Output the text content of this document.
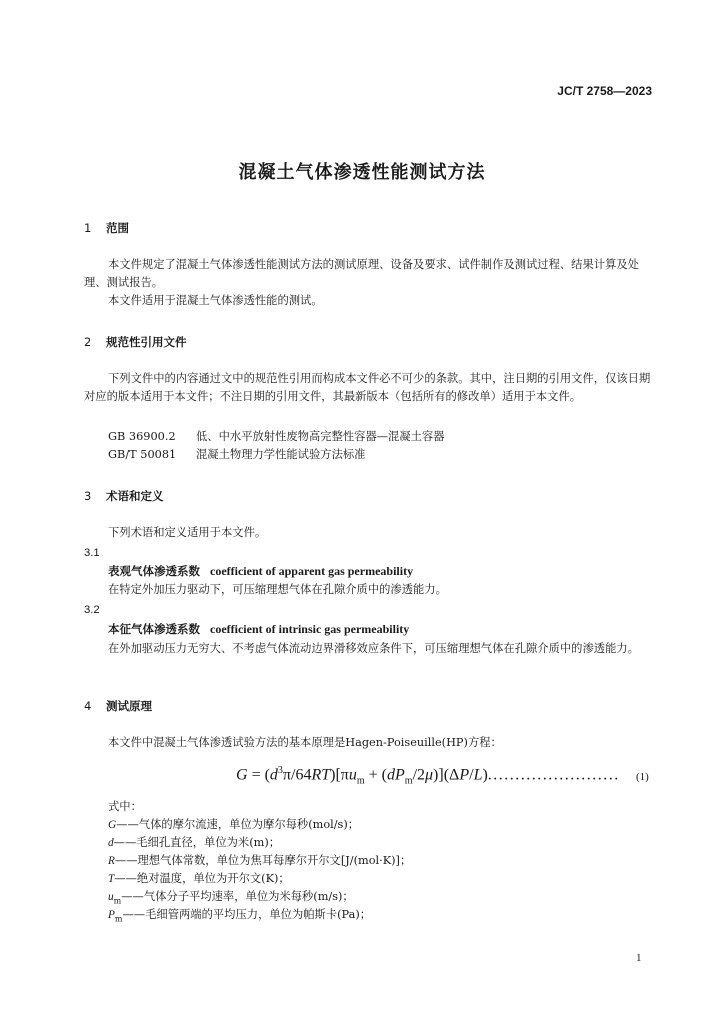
JC/T 2758—2023
混凝土气体渗透性能测试方法
1 范围
本文件规定了混凝土气体渗透性能测试方法的测试原理、设备及要求、试件制作及测试过程、结果计算及处理、测试报告。
本文件适用于混凝土气体渗透性能的测试。
2 规范性引用文件
下列文件中的内容通过文中的规范性引用而构成本文件必不可少的条款。其中，注日期的引用文件，仅该日期对应的版本适用于本文件；不注日期的引用文件，其最新版本（包括所有的修改单）适用于本文件。
GB 36900.2 低、中水平放射性废物高完整性容器—混凝土容器
GB/T 50081 混凝土物理力学性能试验方法标准
3 术语和定义
下列术语和定义适用于本文件。
3.1
表观气体渗透系数 coefficient of apparent gas permeability
在特定外加压力驱动下，可压缩理想气体在孔隙介质中的渗透能力。
3.2
本征气体渗透系数 coefficient of intrinsic gas permeability
在外加驱动压力无穷大、不考虑气体流动边界滑移效应条件下，可压缩理想气体在孔隙介质中的渗透能力。
4 测试原理
本文件中混凝土气体渗透试验方法的基本原理是Hagen-Poiseuille(HP)方程：
$G = (d^3\pi/64RT)[\pi u_m + (dP_m/2\mu)](\Delta P/L)$........................ (1)
式中：
G——气体的摩尔流速，单位为摩尔每秒(mol/s)；
d——毛细孔直径，单位为米(m)；
R——理想气体常数，单位为焦耳每摩尔开尔文[J/(mol·K)]；
T——绝对温度，单位为开尔文(K)；
$u_m——$气体分子平均速率，单位为米每秒(m/s)；
$P_m——$毛细管两端的平均压力，单位为帕斯卡(Pa)；
1
